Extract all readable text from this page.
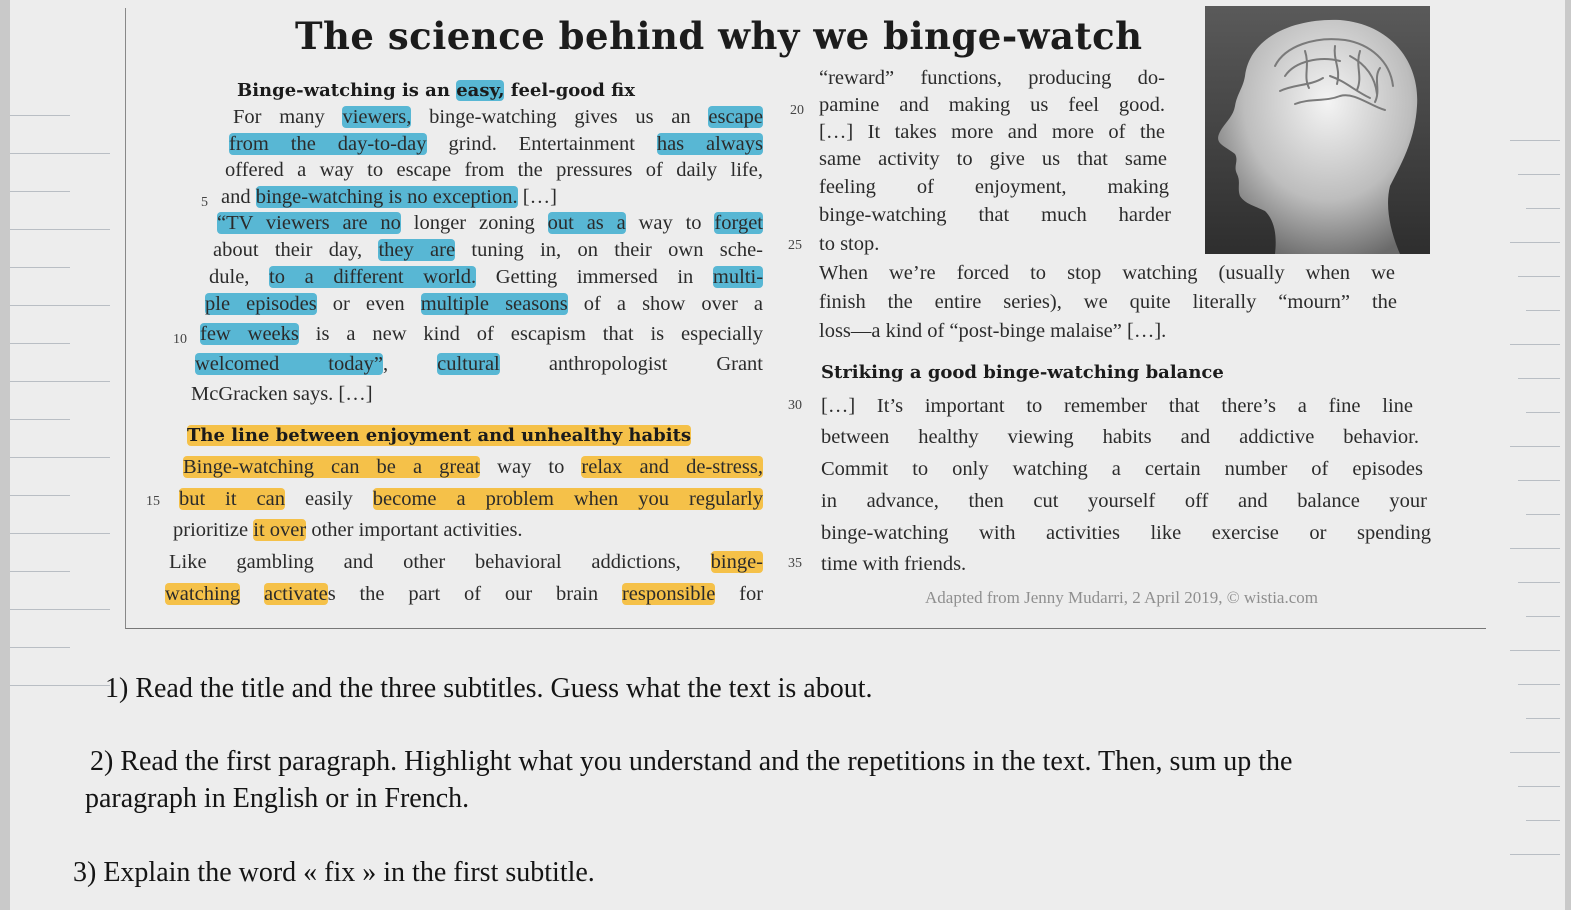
The science behind why we binge-watch
Binge-watching is an easy, feel-good fix
For many viewers, binge-watching gives us an escape
from the day-to-day grind. Entertainment has always
offered a way to escape from the pressures of daily life,
and binge-watching is no exception. […]
“TV viewers are no longer zoning out as a way to forget
about their day, they are tuning in, on their own sche-
dule, to a different world. Getting immersed in multi-
ple episodes or even multiple seasons of a show over a
few weeks is a new kind of escapism that is especially
welcomed today”, cultural anthropologist Grant
McGracken says. […]
The line between enjoyment and unhealthy habits
Binge-watching can be a great way to relax and de-stress,
but it can easily become a problem when you regularly
prioritize it over other important activities.
Like gambling and other behavioral addictions, binge-
watching activates the part of our brain responsible for
5
10
15
20
25
30
35
“reward” functions, producing do-
pamine and making us feel good.
[…] It takes more and more of the
same activity to give us that same
feeling of enjoyment, making
binge-watching that much harder
to stop.
When we’re forced to stop watching (usually when we
finish the entire series), we quite literally “mourn” the
loss—a kind of “post-binge malaise” […].
Striking a good binge-watching balance
[…] It’s important to remember that there’s a fine line
between healthy viewing habits and addictive behavior.
Commit to only watching a certain number of episodes
in advance, then cut yourself off and balance your
binge-watching with activities like exercise or spending
time with friends.
Adapted from Jenny Mudarri, 2 April 2019, © wistia.com

1) Read the title and the three subtitles. Guess what the text is about.

2) Read the first paragraph. Highlight what you understand and the repetitions in the text. Then, sum up the

paragraph in English or in French.

3) Explain the word « fix » in the first subtitle.
